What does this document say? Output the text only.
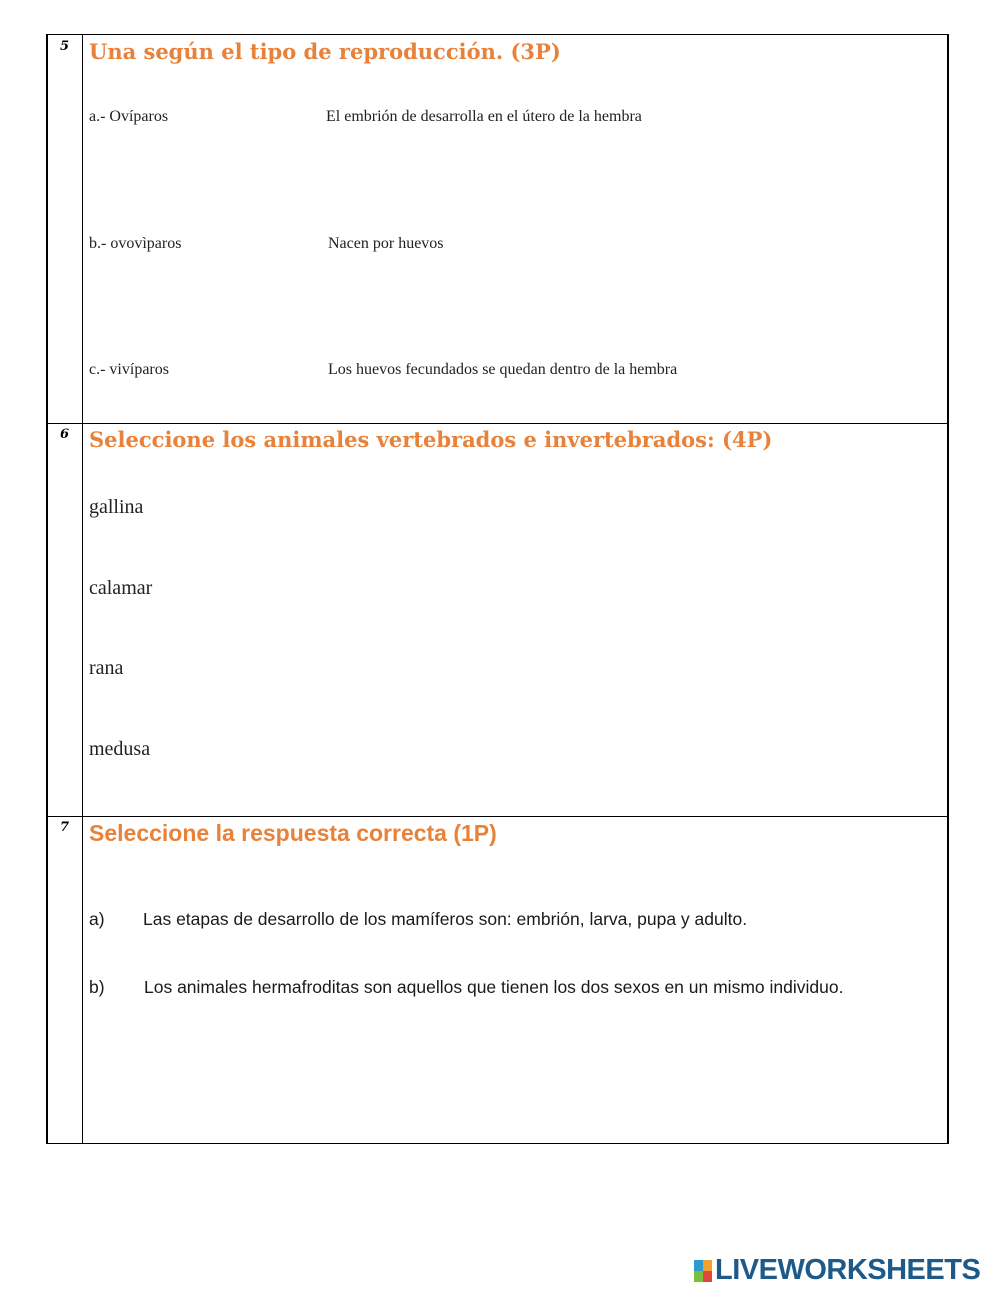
5 Una según el tipo de reproducción. (3P)
a.- Ovíparos	El embrión de desarrolla en el útero de la hembra
b.- ovovìparos	Nacen por huevos
c.- vivíparos	Los huevos fecundados se quedan dentro de la hembra
6 Seleccione los animales vertebrados e invertebrados: (4P)
gallina
calamar
rana
medusa
7 Seleccione la respuesta correcta (1P)
a) Las etapas de desarrollo de los mamíferos son: embrión, larva, pupa y adulto.
b) Los animales hermafroditas son aquellos que tienen los dos sexos en un mismo individuo.
LIVEWORKSHEETS
